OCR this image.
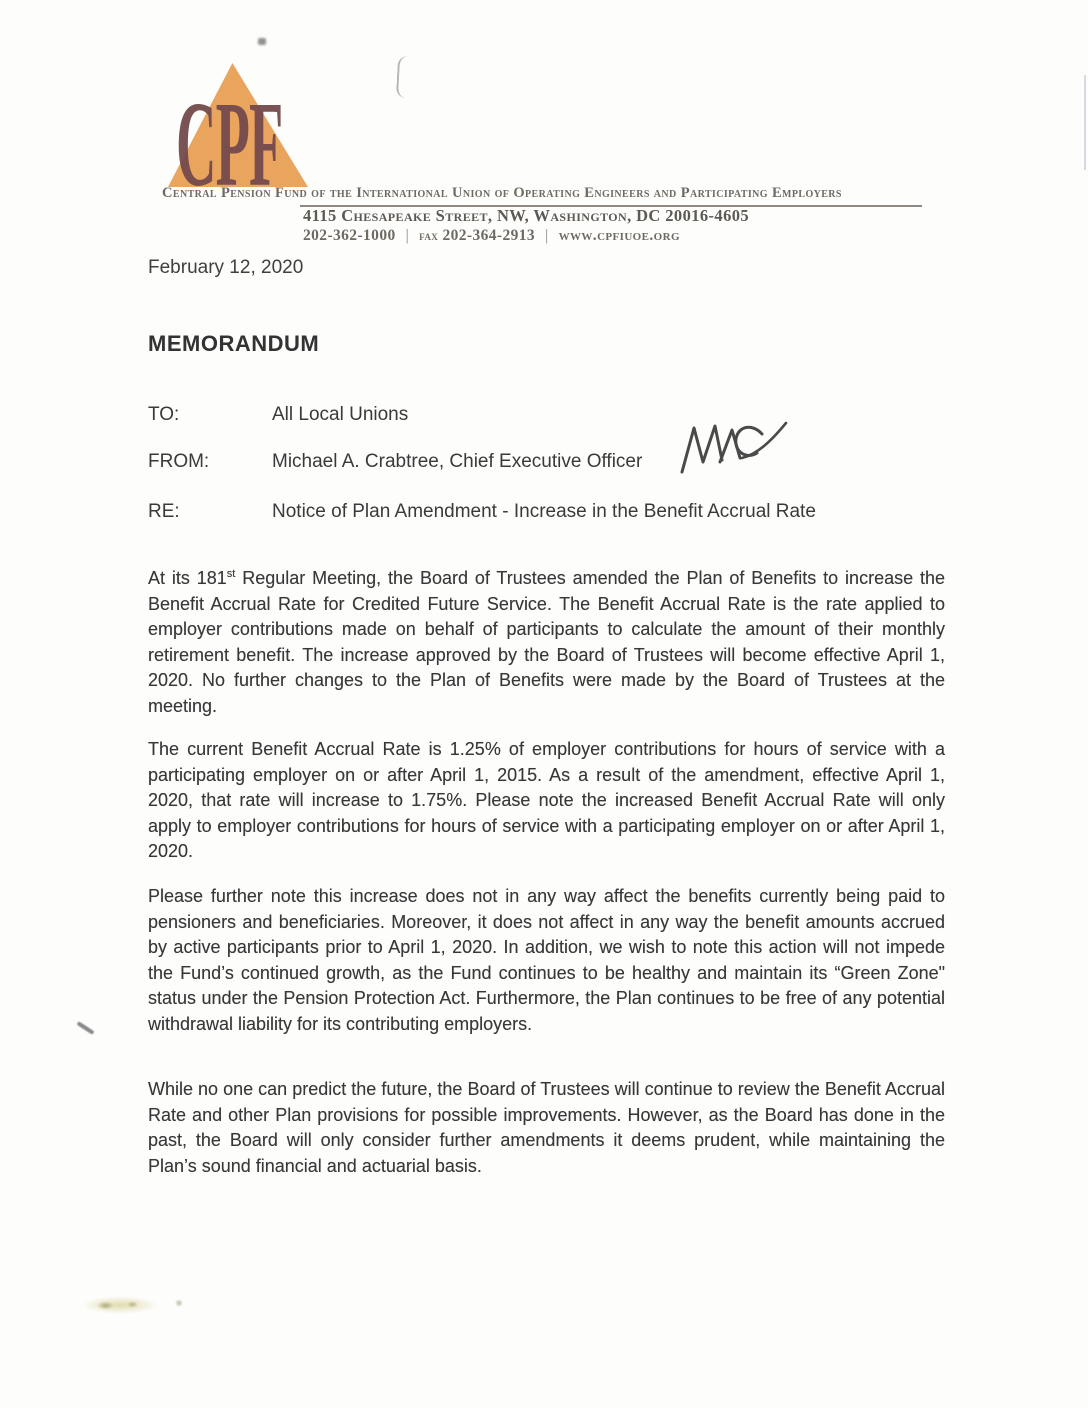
CPF
Central Pension Fund of the International Union of Operating Engineers and Participating Employers
4115 Chesapeake Street, NW, Washington, DC 20016-4605
202-362-1000 | fax 202-364-2913 | www.cpfiuoe.org
February 12, 2020
MEMORANDUM
TO:	All Local Unions
FROM:	Michael A. Crabtree, Chief Executive Officer
RE:	Notice of Plan Amendment - Increase in the Benefit Accrual Rate
At its 181st Regular Meeting, the Board of Trustees amended the Plan of Benefits to increase the Benefit Accrual Rate for Credited Future Service. The Benefit Accrual Rate is the rate applied to employer contributions made on behalf of participants to calculate the amount of their monthly retirement benefit. The increase approved by the Board of Trustees will become effective April 1, 2020. No further changes to the Plan of Benefits were made by the Board of Trustees at the meeting.
The current Benefit Accrual Rate is 1.25% of employer contributions for hours of service with a participating employer on or after April 1, 2015. As a result of the amendment, effective April 1, 2020, that rate will increase to 1.75%. Please note the increased Benefit Accrual Rate will only apply to employer contributions for hours of service with a participating employer on or after April 1, 2020.
Please further note this increase does not in any way affect the benefits currently being paid to pensioners and beneficiaries. Moreover, it does not affect in any way the benefit amounts accrued by active participants prior to April 1, 2020. In addition, we wish to note this action will not impede the Fund’s continued growth, as the Fund continues to be healthy and maintain its “Green Zone" status under the Pension Protection Act. Furthermore, the Plan continues to be free of any potential withdrawal liability for its contributing employers.
While no one can predict the future, the Board of Trustees will continue to review the Benefit Accrual Rate and other Plan provisions for possible improvements. However, as the Board has done in the past, the Board will only consider further amendments it deems prudent, while maintaining the Plan’s sound financial and actuarial basis.
